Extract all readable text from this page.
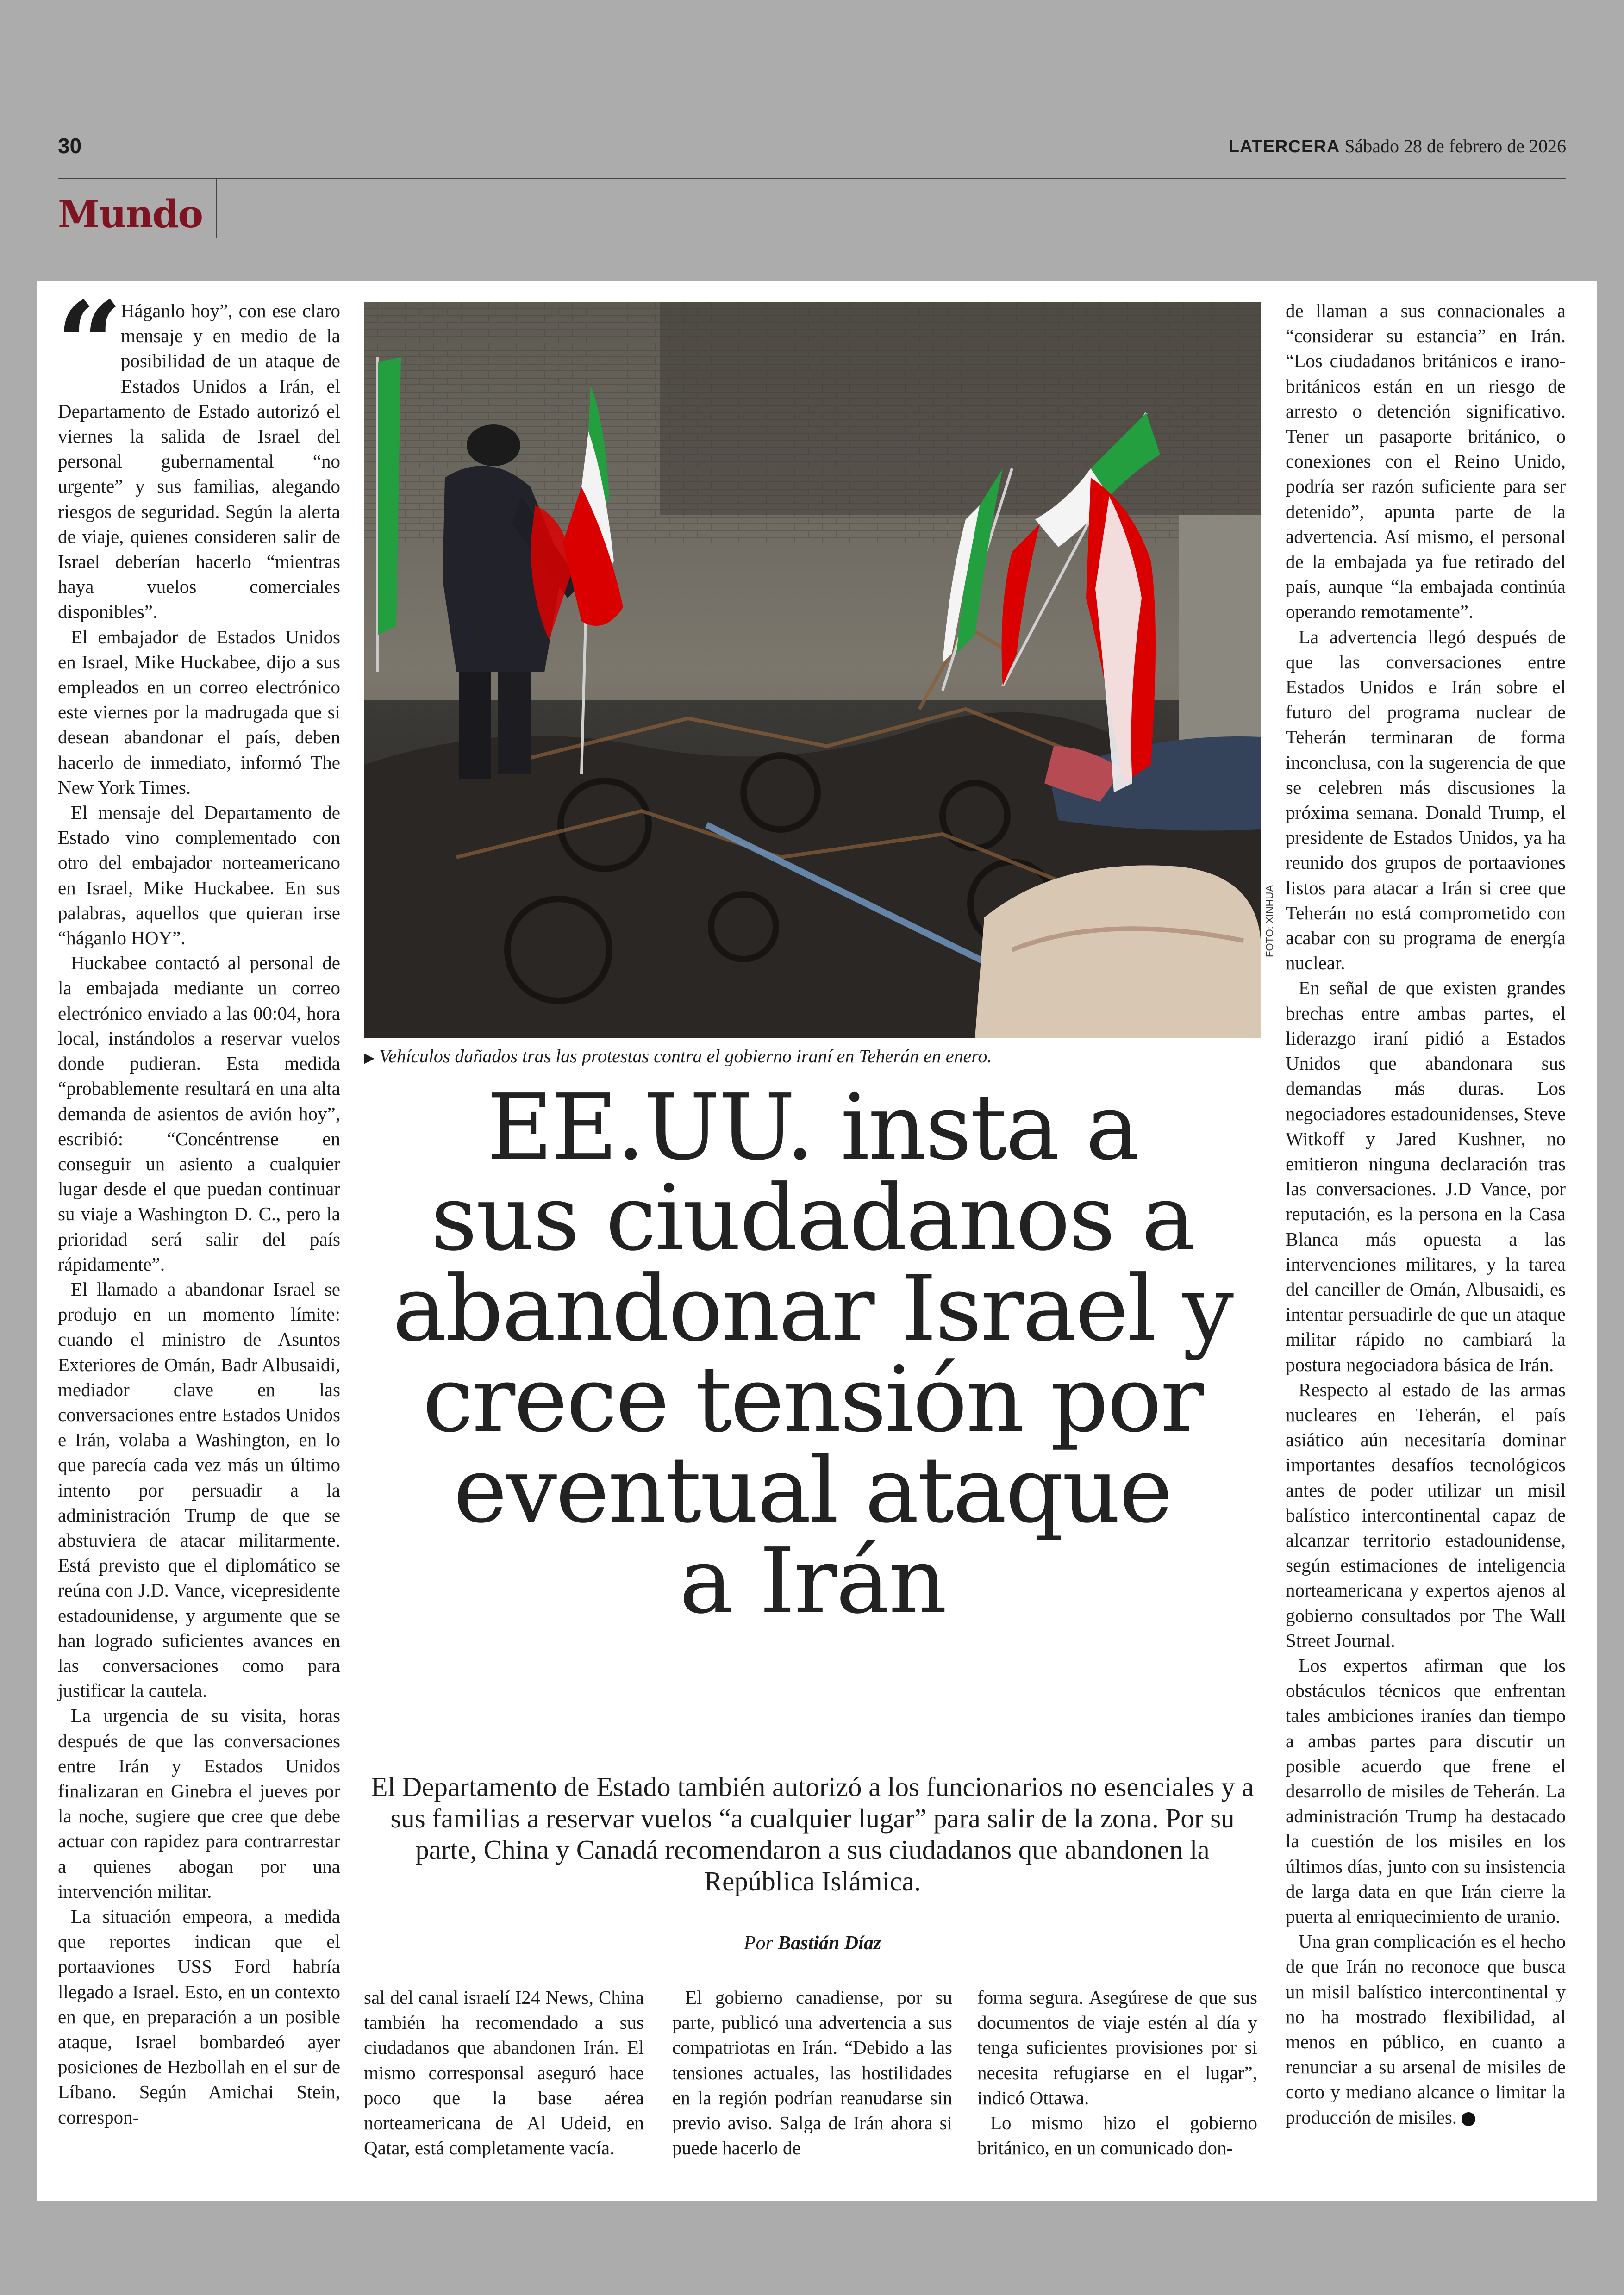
30	LATERCERA Sábado 28 de febrero de 2026
Mundo
“ Háganlo hoy”, con ese claro mensaje y en medio de la posibilidad de un ataque de Estados Unidos a Irán, el Departamento de Estado autorizó el viernes la salida de Israel del personal gubernamental “no urgente” y sus familias, alegando riesgos de seguridad. Según la alerta de viaje, quienes consideren salir de Israel deberían hacerlo “mientras haya vuelos comerciales disponibles”.

El embajador de Estados Unidos en Israel, Mike Huckabee, dijo a sus empleados en un correo electrónico este viernes por la madrugada que si desean abandonar el país, deben hacerlo de inmediato, informó The New York Times.

El mensaje del Departamento de Estado vino complementado con otro del embajador norteamericano en Israel, Mike Huckabee. En sus palabras, aquellos que quieran irse “háganlo HOY”.

Huckabee contactó al personal de la embajada mediante un correo electrónico enviado a las 00:04, hora local, instándolos a reservar vuelos donde pudieran. Esta medida “probablemente resultará en una alta demanda de asientos de avión hoy”, escribió: “Concéntrense en conseguir un asiento a cualquier lugar desde el que puedan continuar su viaje a Washington D. C., pero la prioridad será salir del país rápidamente”.

El llamado a abandonar Israel se produjo en un momento límite: cuando el ministro de Asuntos Exteriores de Omán, Badr Albusaidi, mediador clave en las conversaciones entre Estados Unidos e Irán, volaba a Washington, en lo que parecía cada vez más un último intento por persuadir a la administración Trump de que se abstuviera de atacar militarmente. Está previsto que el diplomático se reúna con J.D. Vance, vicepresidente estadounidense, y argumente que se han logrado suficientes avances en las conversaciones como para justificar la cautela.

La urgencia de su visita, horas después de que las conversaciones entre Irán y Estados Unidos finalizaran en Ginebra el jueves por la noche, sugiere que cree que debe actuar con rapidez para contrarrestar a quienes abogan por una intervención militar.

La situación empeora, a medida que reportes indican que el portaaviones USS Ford habría llegado a Israel. Esto, en un contexto en que, en preparación a un posible ataque, Israel bombardeó ayer posiciones de Hezbollah en el sur de Líbano. Según Amichai Stein, correspon-

FOTO: XINHUA
▶ Vehículos dañados tras las protestas contra el gobierno iraní en Teherán en enero.
EE.UU. insta a
sus ciudadanos a
abandonar Israel y
crece tensión por
eventual ataque
a Irán
El Departamento de Estado también autorizó a los funcionarios no esenciales y a sus familias a reservar vuelos “a cualquier lugar” para salir de la zona. Por su parte, China y Canadá recomendaron a sus ciudadanos que abandonen la República Islámica.
Por Bastián Díaz

sal del canal israelí I24 News, China también ha recomendado a sus ciudadanos que abandonen Irán. El mismo corresponsal aseguró hace poco que la base aérea norteamericana de Al Udeid, en Qatar, está completamente vacía.

El gobierno canadiense, por su parte, publicó una advertencia a sus compatriotas en Irán. “Debido a las tensiones actuales, las hostilidades en la región podrían reanudarse sin previo aviso. Salga de Irán ahora si puede hacerlo de

forma segura. Asegúrese de que sus documentos de viaje estén al día y tenga suficientes provisiones por si necesita refugiarse en el lugar”, indicó Ottawa.

Lo mismo hizo el gobierno británico, en un comunicado don-

de llaman a sus connacionales a “considerar su estancia” en Irán. “Los ciudadanos británicos e irano-británicos están en un riesgo de arresto o detención significativo. Tener un pasaporte británico, o conexiones con el Reino Unido, podría ser razón suficiente para ser detenido”, apunta parte de la advertencia. Así mismo, el personal de la embajada ya fue retirado del país, aunque “la embajada continúa operando remotamente”.

La advertencia llegó después de que las conversaciones entre Estados Unidos e Irán sobre el futuro del programa nuclear de Teherán terminaran de forma inconclusa, con la sugerencia de que se celebren más discusiones la próxima semana. Donald Trump, el presidente de Estados Unidos, ya ha reunido dos grupos de portaaviones listos para atacar a Irán si cree que Teherán no está comprometido con acabar con su programa de energía nuclear.

En señal de que existen grandes brechas entre ambas partes, el liderazgo iraní pidió a Estados Unidos que abandonara sus demandas más duras. Los negociadores estadounidenses, Steve Witkoff y Jared Kushner, no emitieron ninguna declaración tras las conversaciones. J.D Vance, por reputación, es la persona en la Casa Blanca más opuesta a las intervenciones militares, y la tarea del canciller de Omán, Albusaidi, es intentar persuadirle de que un ataque militar rápido no cambiará la postura negociadora básica de Irán.

Respecto al estado de las armas nucleares en Teherán, el país asiático aún necesitaría dominar importantes desafíos tecnológicos antes de poder utilizar un misil balístico intercontinental capaz de alcanzar territorio estadounidense, según estimaciones de inteligencia norteamericana y expertos ajenos al gobierno consultados por The Wall Street Journal.

Los expertos afirman que los obstáculos técnicos que enfrentan tales ambiciones iraníes dan tiempo a ambas partes para discutir un posible acuerdo que frene el desarrollo de misiles de Teherán. La administración Trump ha destacado la cuestión de los misiles en los últimos días, junto con su insistencia de larga data en que Irán cierre la puerta al enriquecimiento de uranio.

Una gran complicación es el hecho de que Irán no reconoce que busca un misil balístico intercontinental y no ha mostrado flexibilidad, al menos en público, en cuanto a renunciar a su arsenal de misiles de corto y mediano alcance o limitar la producción de misiles. P
